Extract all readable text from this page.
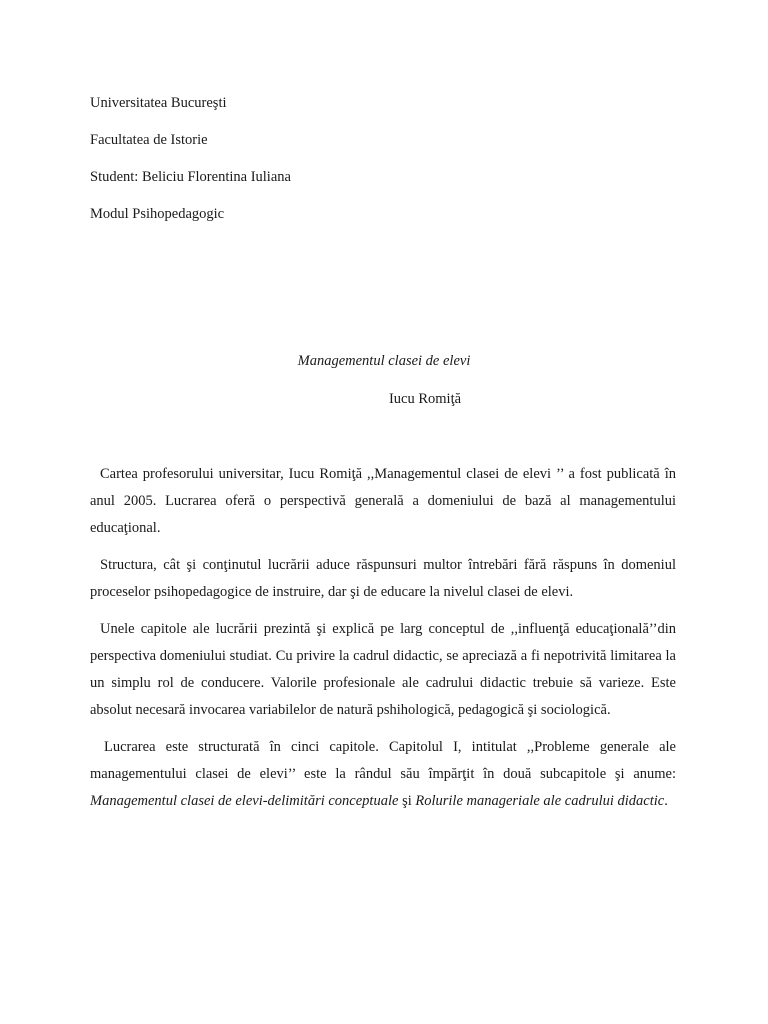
Universitatea Bucureşti

Facultatea de Istorie

Student: Beliciu Florentina Iuliana

Modul Psihopedagogic

Managementul clasei de elevi

Iucu Romiţă

Cartea profesorului universitar, Iucu Romiţă ,,Managementul clasei de elevi ’’ a fost publicată în anul 2005. Lucrarea oferă o perspectivă generală a domeniului de bază al managementului educaţional.

Structura, cât şi conţinutul lucrării aduce răspunsuri multor întrebări fără răspuns în domeniul proceselor psihopedagogice de instruire, dar şi de educare la nivelul clasei de elevi.

Unele capitole ale lucrării prezintă şi explică pe larg conceptul de ,,influenţă educaţională’’din perspectiva domeniului studiat. Cu privire la cadrul didactic, se apreciază a fi nepotrivită limitarea la un simplu rol de conducere. Valorile profesionale ale cadrului didactic trebuie să varieze. Este absolut necesară invocarea variabilelor de natură pshihologică, pedagogică şi sociologică.

Lucrarea este structurată în cinci capitole. Capitolul I, intitulat ,,Probleme generale ale managementului clasei de elevi’’ este la rândul său împărţit în două subcapitole şi anume: Managementul clasei de elevi-delimitări conceptuale şi Rolurile manageriale ale cadrului didactic.
